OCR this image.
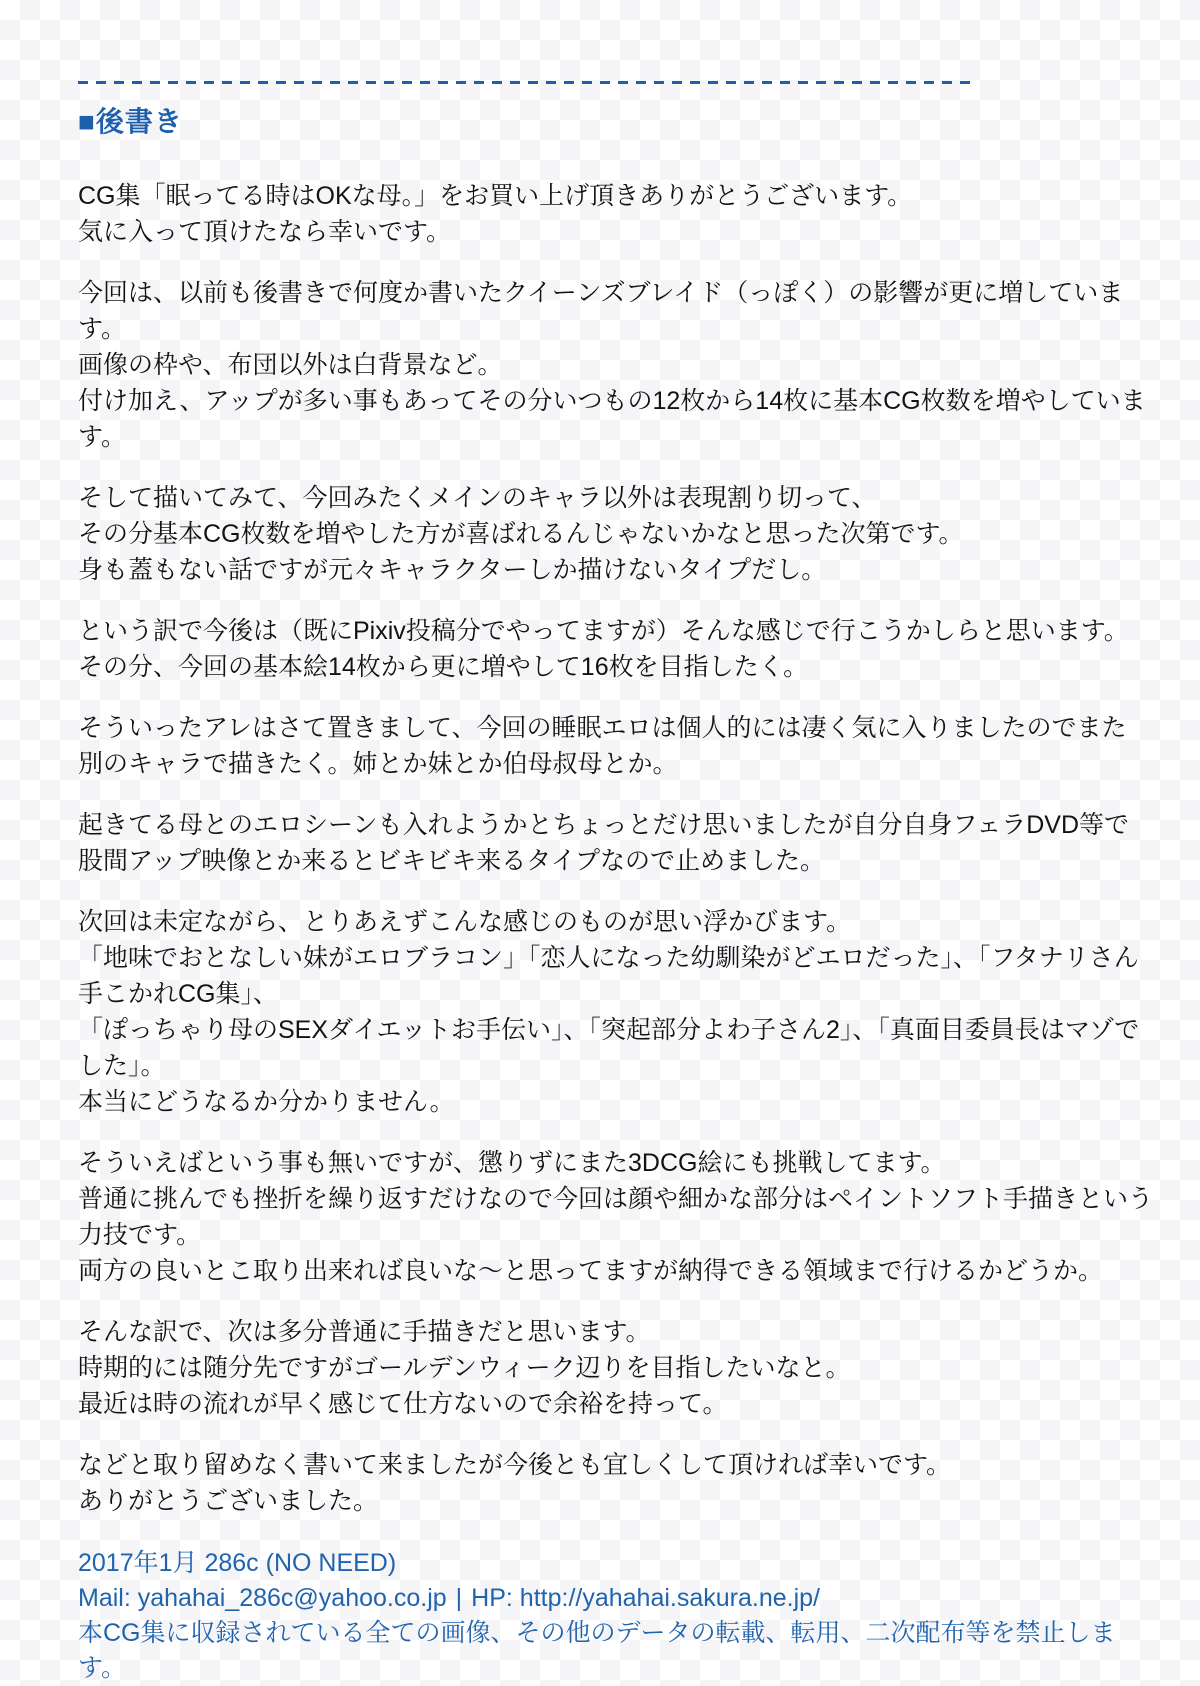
■後書き

CG集「眠ってる時はOKな母。」をお買い上げ頂きありがとうございます。
気に入って頂けたなら幸いです。

今回は、以前も後書きで何度か書いたクイーンズブレイド（っぽく）の影響が更に増しています。
画像の枠や、布団以外は白背景など。
付け加え、アップが多い事もあってその分いつもの12枚から14枚に基本CG枚数を増やしています。

そして描いてみて、今回みたくメインのキャラ以外は表現割り切って、
その分基本CG枚数を増やした方が喜ばれるんじゃないかなと思った次第です。
身も蓋もない話ですが元々キャラクターしか描けないタイプだし。

という訳で今後は（既にPixiv投稿分でやってますが）そんな感じで行こうかしらと思います。
その分、今回の基本絵14枚から更に増やして16枚を目指したく。

そういったアレはさて置きまして、今回の睡眠エロは個人的には凄く気に入りましたのでまた
別のキャラで描きたく。姉とか妹とか伯母叔母とか。

起きてる母とのエロシーンも入れようかとちょっとだけ思いましたが自分自身フェラDVD等で
股間アップ映像とか来るとビキビキ来るタイプなので止めました。

次回は未定ながら、とりあえずこんな感じのものが思い浮かびます。
「地味でおとなしい妹がエロブラコン」「恋人になった幼馴染がどエロだった」、「フタナリさん手こかれCG集」、
「ぽっちゃり母のSEXダイエットお手伝い」、「突起部分よわ子さん2」、「真面目委員長はマゾでした」。
本当にどうなるか分かりません。

そういえばという事も無いですが、懲りずにまた3DCG絵にも挑戦してます。
普通に挑んでも挫折を繰り返すだけなので今回は顔や細かな部分はペイントソフト手描きという力技です。
両方の良いとこ取り出来れば良いな～と思ってますが納得できる領域まで行けるかどうか。

そんな訳で、次は多分普通に手描きだと思います。
時期的には随分先ですがゴールデンウィーク辺りを目指したいなと。
最近は時の流れが早く感じて仕方ないので余裕を持って。

などと取り留めなく書いて来ましたが今後とも宜しくして頂ければ幸いです。
ありがとうございました。

2017年1月 286c (NO NEED)
Mail: yahahai_286c@yahoo.co.jp | HP: http://yahahai.sakura.ne.jp/
本CG集に収録されている全ての画像、その他のデータの転載、転用、二次配布等を禁止します。
